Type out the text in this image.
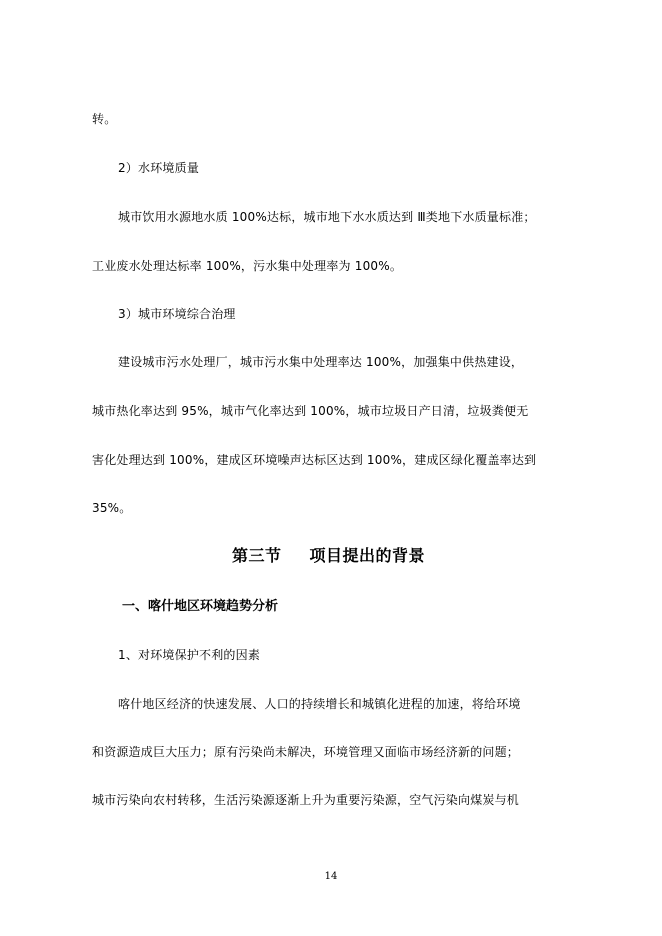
转。
2）水环境质量
城市饮用水源地水质 100%达标，城市地下水水质达到 Ⅲ类地下水质量标准；
工业废水处理达标率 100%，污水集中处理率为 100%。
3）城市环境综合治理
建设城市污水处理厂，城市污水集中处理率达 100%，加强集中供热建设，
城市热化率达到 95%，城市气化率达到 100%，城市垃圾日产日清，垃圾粪便无
害化处理达到 100%，建成区环境噪声达标区达到 100%，建成区绿化覆盖率达到
35%。
第三节 项目提出的背景
一、喀什地区环境趋势分析
1、对环境保护不利的因素
喀什地区经济的快速发展、人口的持续增长和城镇化进程的加速，将给环境
和资源造成巨大压力；原有污染尚未解决，环境管理又面临市场经济新的问题；
城市污染向农村转移，生活污染源逐渐上升为重要污染源，空气污染向煤炭与机
14
